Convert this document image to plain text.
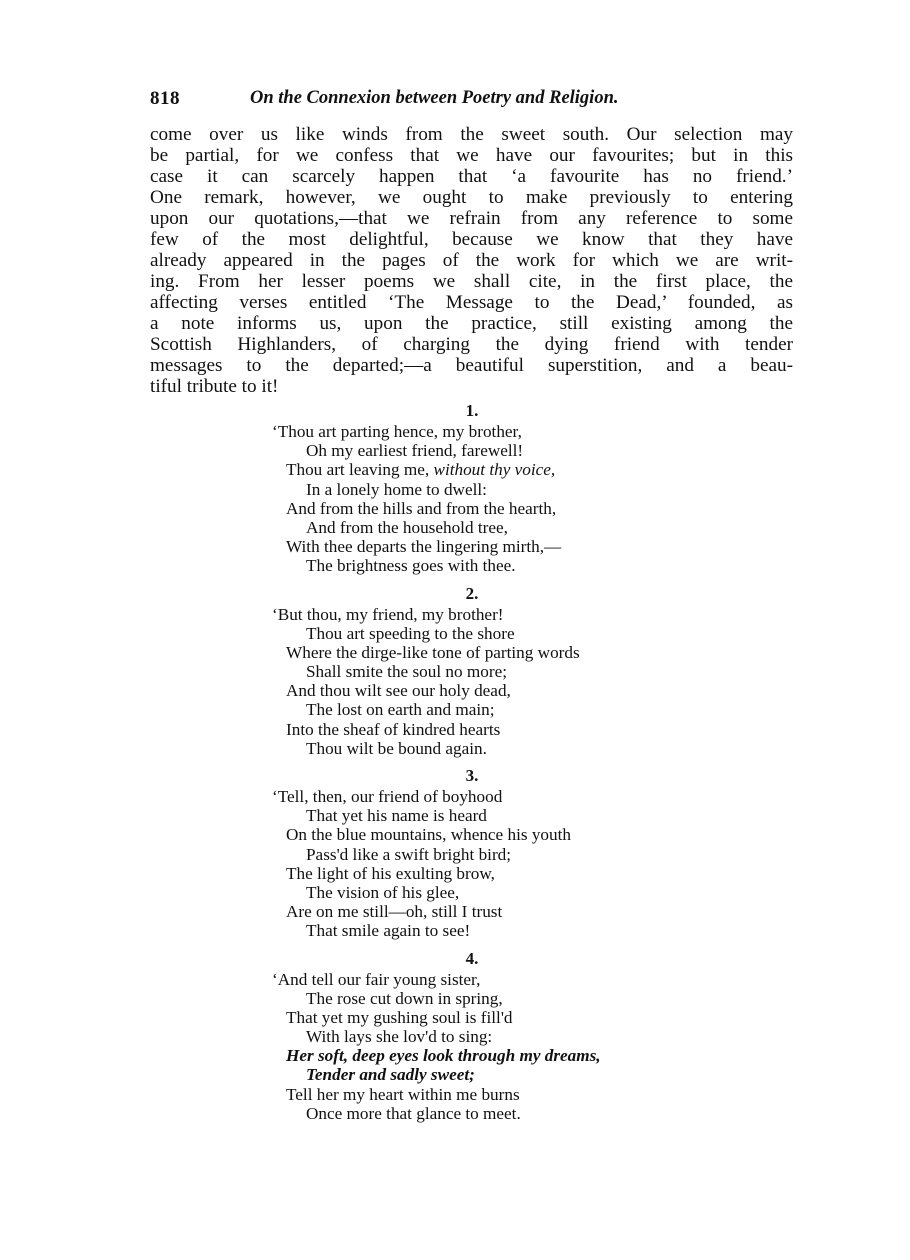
818	On the Connexion between Poetry and Religion.
come over us like winds from the sweet south. Our selection may
be partial, for we confess that we have our favourites; but in this
case it can scarcely happen that ‘a favourite has no friend.’
One remark, however, we ought to make previously to entering
upon our quotations,—that we refrain from any reference to some
few of the most delightful, because we know that they have
already appeared in the pages of the work for which we are writ-
ing. From her lesser poems we shall cite, in the first place, the
affecting verses entitled ‘The Message to the Dead,’ founded, as
a note informs us, upon the practice, still existing among the
Scottish Highlanders, of charging the dying friend with tender
messages to the departed;—a beautiful superstition, and a beau-
tiful tribute to it!
1.
‘Thou art parting hence, my brother,
Oh my earliest friend, farewell!
Thou art leaving me, without thy voice,
In a lonely home to dwell:
And from the hills and from the hearth,
And from the household tree,
With thee departs the lingering mirth,—
The brightness goes with thee.
2.
‘But thou, my friend, my brother!
Thou art speeding to the shore
Where the dirge-like tone of parting words
Shall smite the soul no more;
And thou wilt see our holy dead,
The lost on earth and main;
Into the sheaf of kindred hearts
Thou wilt be bound again.
3.
‘Tell, then, our friend of boyhood
That yet his name is heard
On the blue mountains, whence his youth
Pass'd like a swift bright bird;
The light of his exulting brow,
The vision of his glee,
Are on me still—oh, still I trust
That smile again to see!
4.
‘And tell our fair young sister,
The rose cut down in spring,
That yet my gushing soul is fill'd
With lays she lov'd to sing:
Her soft, deep eyes look through my dreams,
Tender and sadly sweet;
Tell her my heart within me burns
Once more that glance to meet.
